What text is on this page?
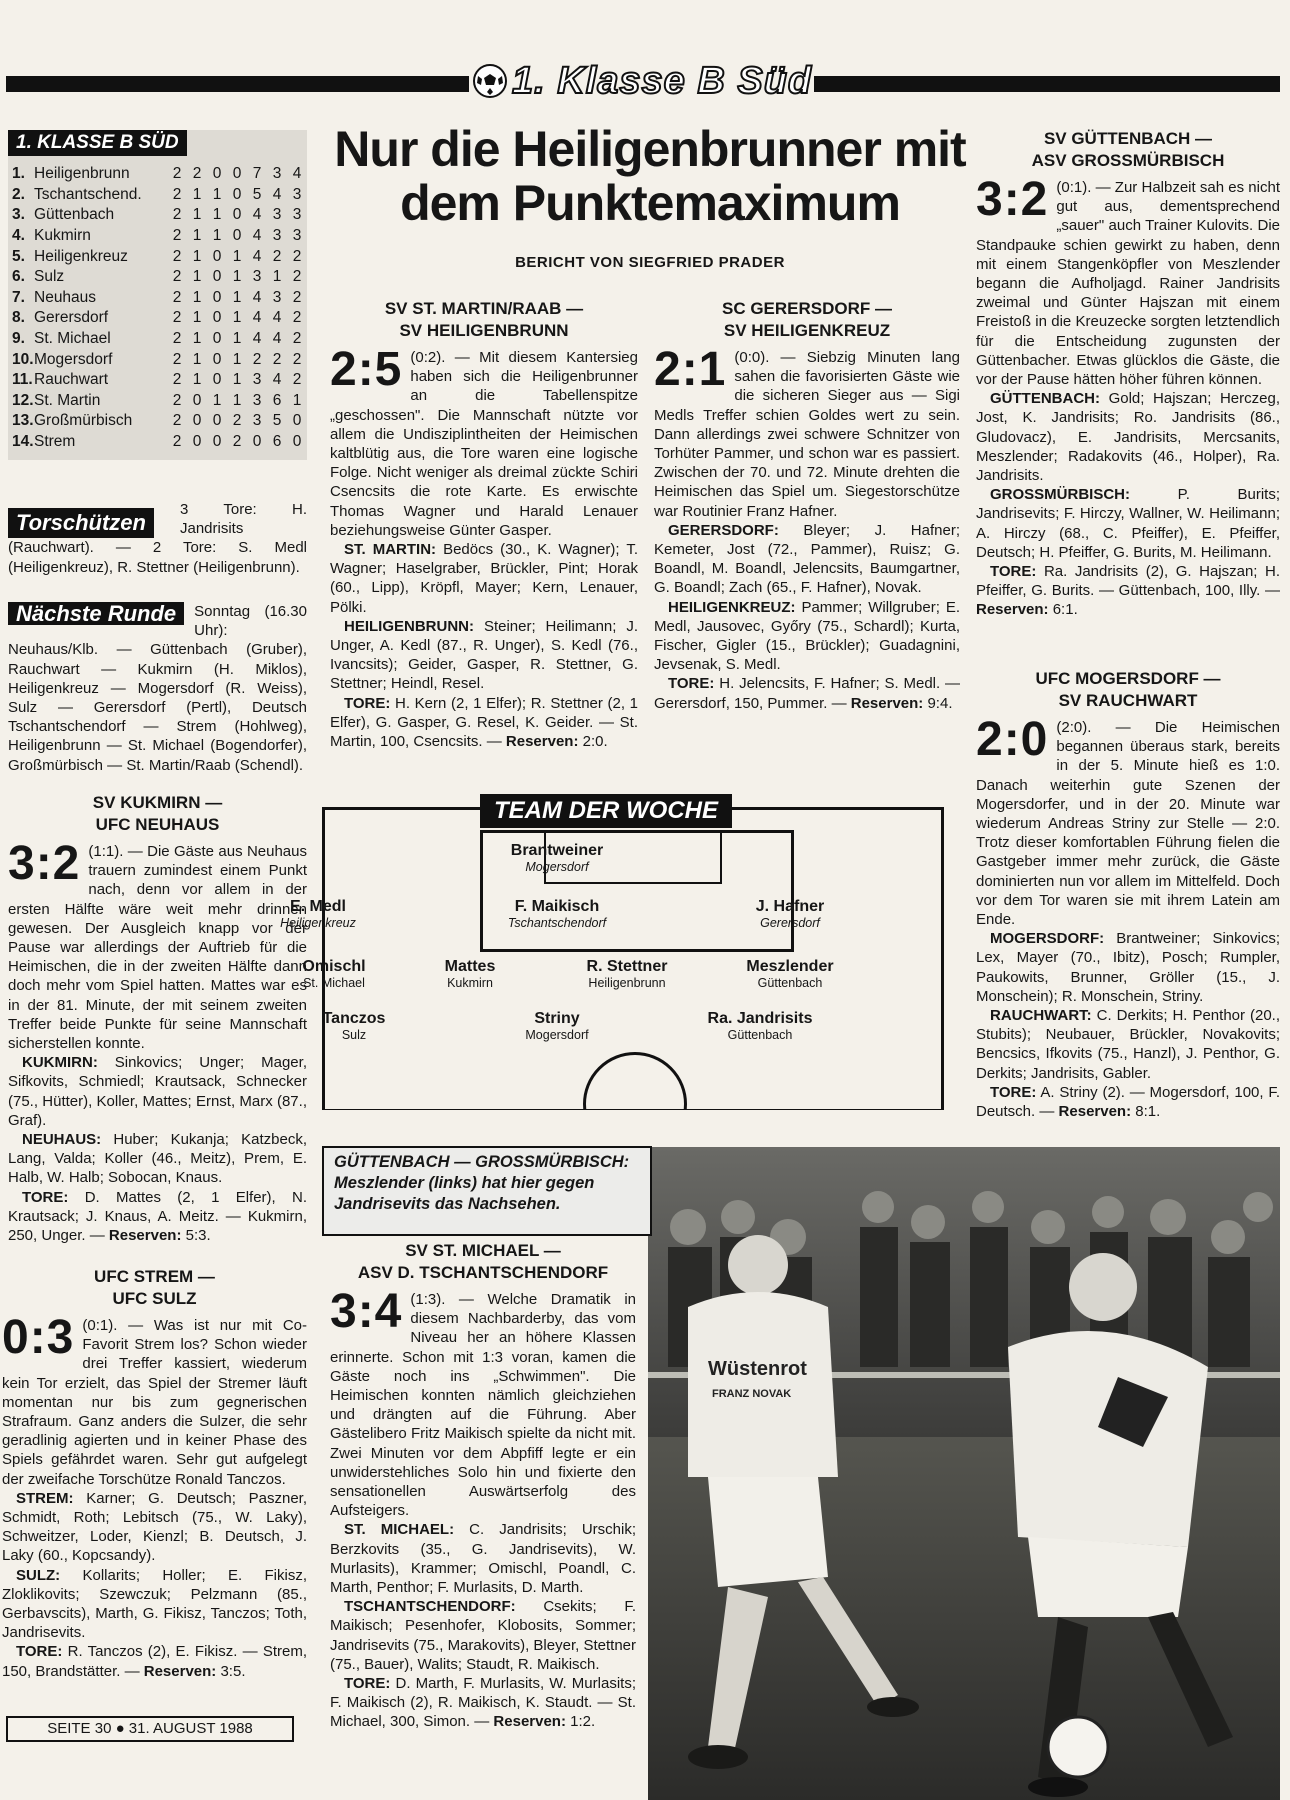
1. Klasse B Süd
1. KLASSE B SÜD
1.	Heiligenbrunn	2	2	0	0	7	3	4
2.	Tschantschend.	2	1	1	0	5	4	3
3.	Güttenbach	2	1	1	0	4	3	3
4.	Kukmirn	2	1	1	0	4	3	3
5.	Heiligenkreuz	2	1	0	1	4	2	2
6.	Sulz	2	1	0	1	3	1	2
7.	Neuhaus	2	1	0	1	4	3	2
8.	Gerersdorf	2	1	0	1	4	4	2
9.	St. Michael	2	1	0	1	4	4	2
10.	Mogersdorf	2	1	0	1	2	2	2
11.	Rauchwart	2	1	0	1	3	4	2
12.	St. Martin	2	0	1	1	3	6	1
13.	Großmürbisch	2	0	0	2	3	5	0
14.	Strem	2	0	0	2	0	6	0
Torschützen
3 Tore: H. Jandrisits (Rauchwart). — 2 Tore: S. Medl (Heiligenkreuz), R. Stettner (Heiligenbrunn).
Nächste Runde	Sonntag (16.30 Uhr): Neuhaus/Klb. — Güttenbach (Gruber), Rauchwart — Kukmirn (H. Miklos), Heiligenkreuz — Mogersdorf (R. Weiss), Sulz — Gerersdorf (Pertl), Deutsch Tschantschendorf — Strem (Hohlweg), Heiligenbrunn — St. Michael (Bogendorfer), Großmürbisch — St. Martin/Raab (Schendl).
Nur die Heiligenbrunner mit dem Punktemaximum
BERICHT VON SIEGFRIED PRADER
SV ST. MARTIN/RAAB —
SV HEILIGENBRUNN
2:5 (0:2). — Mit diesem Kantersieg haben sich die Heiligenbrunner an die Tabellenspitze „geschossen". Die Mannschaft nützte vor allem die Undisziplintheiten der Heimischen kaltblütig aus, die Tore waren eine logische Folge. Nicht weniger als dreimal zückte Schiri Csencsits die rote Karte. Es erwischte Thomas Wagner und Harald Lenauer beziehungsweise Günter Gasper.
ST. MARTIN: Bedöcs (30., K. Wagner); T. Wagner; Haselgraber, Brückler, Pint; Horak (60., Lipp), Kröpfl, Mayer; Kern, Lenauer, Pölki.
HEILIGENBRUNN: Steiner; Heilimann; J. Unger, A. Kedl (87., R. Unger), S. Kedl (76., Ivancsits); Geider, Gasper, R. Stettner, G. Stettner; Heindl, Resel.
TORE: H. Kern (2, 1 Elfer); R. Stettner (2, 1 Elfer), G. Gasper, G. Resel, K. Geider. — St. Martin, 100, Csencsits. — Reserven: 2:0.
SC GERERSDORF —
SV HEILIGENKREUZ
2:1 (0:0). — Siebzig Minuten lang sahen die favorisierten Gäste wie die sicheren Sieger aus — Sigi Medls Treffer schien Goldes wert zu sein. Dann allerdings zwei schwere Schnitzer von Torhüter Pammer, und schon war es passiert. Zwischen der 70. und 72. Minute drehten die Heimischen das Spiel um. Siegestorschütze war Routinier Franz Hafner.
GERERSDORF: Bleyer; J. Hafner; Kemeter, Jost (72., Pammer), Ruisz; G. Boandl, M. Boandl, Jelencsits, Baumgartner, G. Boandl; Zach (65., F. Hafner), Novak.
HEILIGENKREUZ: Pammer; Willgruber; E. Medl, Jausovec, Győry (75., Schardl); Kurta, Fischer, Gigler (15., Brückler); Guadagnini, Jevsenak, S. Medl.
TORE: H. Jelencsits, F. Hafner; S. Medl. — Gerersdorf, 150, Pummer. — Reserven: 9:4.
SV GÜTTENBACH —
ASV GROSSMÜRBISCH
3:2 (0:1). — Zur Halbzeit sah es nicht gut aus, dementsprechend „sauer" auch Trainer Kulovits. Die Standpauke schien gewirkt zu haben, denn mit einem Stangenköpfler von Meszlender begann die Aufholjagd. Rainer Jandrisits zweimal und Günter Hajszan mit einem Freistoß in die Kreuzecke sorgten letztendlich für die Entscheidung zugunsten der Güttenbacher. Etwas glücklos die Gäste, die vor der Pause hätten höher führen können.
GÜTTENBACH: Gold; Hajszan; Herczeg, Jost, K. Jandrisits; Ro. Jandrisits (86., Gludovacz), E. Jandrisits, Mercsanits, Meszlender; Radakovits (46., Holper), Ra. Jandrisits.
GROSSMÜRBISCH:	P. Burits; Jandrisevits; F. Hirczy, Wallner, W. Heilimann; A. Hirczy (68., C. Pfeiffer), E. Pfeiffer, Deutsch; H. Pfeiffer, G. Burits, M. Heilimann.
TORE: Ra. Jandrisits (2), G. Hajszan; H. Pfeiffer, G. Burits. — Güttenbach, 100, Illy. — Reserven: 6:1.
UFC MOGERSDORF —
SV RAUCHWART
2:0 (2:0). — Die Heimischen begannen überaus stark, bereits in der 5. Minute hieß es 1:0. Danach weiterhin gute Szenen der Mogersdorfer, und in der 20. Minute war wiederum Andreas Striny zur Stelle — 2:0. Trotz dieser komfortablen Führung fielen die Gastgeber immer mehr zurück, die Gäste dominierten nun vor allem im Mittelfeld. Doch vor dem Tor waren sie mit ihrem Latein am Ende.
MOGERSDORF: Brantweiner; Sinkovics; Lex, Mayer (70., Ibitz), Posch; Rumpler, Paukowits, Brunner, Gröller (15., J. Monschein); R. Monschein, Striny.
RAUCHWART: C. Derkits; H. Penthor (20., Stubits); Neubauer, Brückler, Novakovits; Bencsics, Ifkovits (75., Hanzl), J. Penthor, G. Derkits; Jandrisits, Gabler.
TORE: A. Striny (2). — Mogersdorf, 100, F. Deutsch. — Reserven: 8:1.
SV KUKMIRN —
UFC NEUHAUS
3:2 (1:1). — Die Gäste aus Neuhaus trauern zumindest einem Punkt nach, denn vor allem in der ersten Hälfte wäre weit mehr drinnen gewesen. Der Ausgleich knapp vor der Pause war allerdings der Auftrieb für die Heimischen, die in der zweiten Hälfte dann doch mehr vom Spiel hatten. Mattes war es in der 81. Minute, der mit seinem zweiten Treffer beide Punkte für seine Mannschaft sicherstellen konnte.
KUKMIRN: Sinkovics; Unger; Mager, Sifkovits, Schmiedl; Krautsack, Schnecker (75., Hütter), Koller, Mattes; Ernst, Marx (87., Graf).
NEUHAUS: Huber; Kukanja; Katzbeck, Lang, Valda; Koller (46., Meitz), Prem, E. Halb, W. Halb; Sobocan, Knaus.
TORE: D. Mattes (2, 1 Elfer), N. Krautsack; J. Knaus, A. Meitz. — Kukmirn, 250, Unger. — Reserven: 5:3.
UFC STREM —
UFC SULZ
0:3 (0:1). — Was ist nur mit Co-Favorit Strem los? Schon wieder drei Treffer kassiert, wiederum kein Tor erzielt, das Spiel der Stremer läuft momentan nur bis zum gegnerischen Strafraum. Ganz anders die Sulzer, die sehr geradlinig agierten und in keiner Phase des Spiels gefährdet waren. Sehr gut aufgelegt der zweifache Torschütze Ronald Tanczos.
STREM: Karner; G. Deutsch; Paszner, Schmidt, Roth; Lebitsch (75., W. Laky), Schweitzer, Loder, Kienzl; B. Deutsch, J. Laky (60., Kopcsandy).
SULZ: Kollarits; Holler; E. Fikisz, Zloklikovits; Szewczuk; Pelzmann (85., Gerbavscits), Marth, G. Fikisz, Tanczos; Toth, Jandrisevits.
TORE: R. Tanczos (2), E. Fikisz. — Strem, 150, Brandstätter. — Reserven: 3:5.
SV ST. MICHAEL —
ASV D. TSCHANTSCHENDORF
3:4 (1:3). — Welche Dramatik in diesem Nachbarderby, das vom Niveau her an höhere Klassen erinnerte. Schon mit 1:3 voran, kamen die Gäste noch ins „Schwimmen". Die Heimischen konnten nämlich gleichziehen und drängten auf die Führung. Aber Gästelibero Fritz Maikisch spielte da nicht mit. Zwei Minuten vor dem Abpfiff legte er ein unwiderstehliches Solo hin und fixierte den sensationellen Auswärtserfolg des Aufsteigers.
ST. MICHAEL: C. Jandrisits; Urschik; Berzkovits (35., G. Jandrisevits), W. Murlasits), Krammer; Omischl, Poandl, C. Marth, Penthor; F. Murlasits, D. Marth.
TSCHANTSCHENDORF: Csekits; F. Maikisch; Pesenhofer, Klobosits, Sommer; Jandrisevits (75., Marakovits), Bleyer, Stettner (75., Bauer), Walits; Staudt, R. Maikisch.
TORE: D. Marth, F. Murlasits, W. Murlasits; F. Maikisch (2), R. Maikisch, K. Staudt. — St. Michael, 300, Simon. — Reserven: 1:2.
TEAM DER WOCHE
Brantweiner
Mogersdorf
E. Medl
Heiligenkreuz
F. Maikisch
Tschantschendorf
J. Hafner
Gerersdorf
Omischl
St. Michael
Mattes
Kukmirn
R. Stettner
Heiligenbrunn
Meszlender
Güttenbach
Tanczos
Sulz
Striny
Mogersdorf
Ra. Jandrisits
Güttenbach
Wüstenrot
FRANZ NOVAK
GÜTTENBACH — GROSSMÜRBISCH: Meszlender (links) hat hier gegen Jandrisevits das Nachsehen.
SEITE 30 ● 31. AUGUST 1988
